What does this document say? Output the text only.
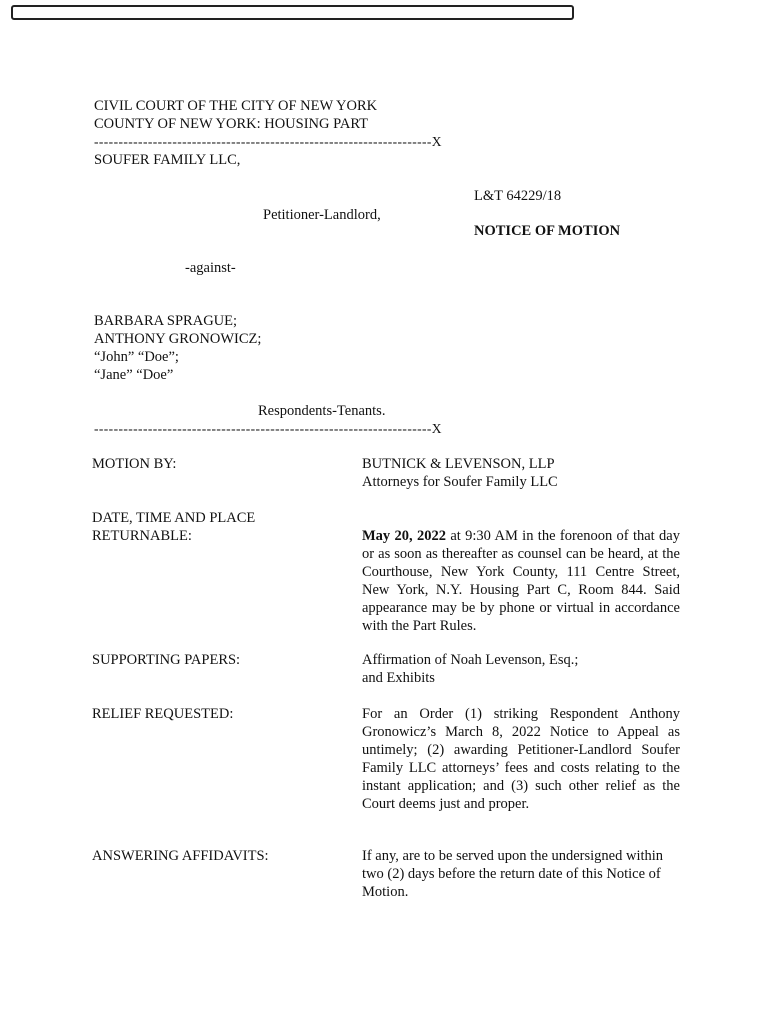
CIVIL COURT OF THE CITY OF NEW YORK
COUNTY OF NEW YORK: HOUSING PART
---------------------------------------------------------------------X
SOUFER FAMILY LLC,
L&T 64229/18
Petitioner-Landlord,
NOTICE OF MOTION
-against-
BARBARA SPRAGUE;
ANTHONY GRONOWICZ;
“John” “Doe”;
“Jane” “Doe”
Respondents-Tenants.
---------------------------------------------------------------------X
MOTION BY:	BUTNICK & LEVENSON, LLP
Attorneys for Soufer Family LLC
DATE, TIME AND PLACE
RETURNABLE:	May 20, 2022 at 9:30 AM in the forenoon of that day or as soon as thereafter as counsel can be heard, at the Courthouse, New York County, 111 Centre Street, New York, N.Y. Housing Part C, Room 844. Said appearance may be by phone or virtual in accordance with the Part Rules.
SUPPORTING PAPERS:	Affirmation of Noah Levenson, Esq.;
and Exhibits
RELIEF REQUESTED:	For an Order (1) striking Respondent Anthony Gronowicz’s March 8, 2022 Notice to Appeal as untimely; (2) awarding Petitioner-Landlord Soufer Family LLC attorneys’ fees and costs relating to the instant application; and (3) such other relief as the Court deems just and proper.
ANSWERING AFFIDAVITS:	If any, are to be served upon the undersigned within two (2) days before the return date of this Notice of Motion.
